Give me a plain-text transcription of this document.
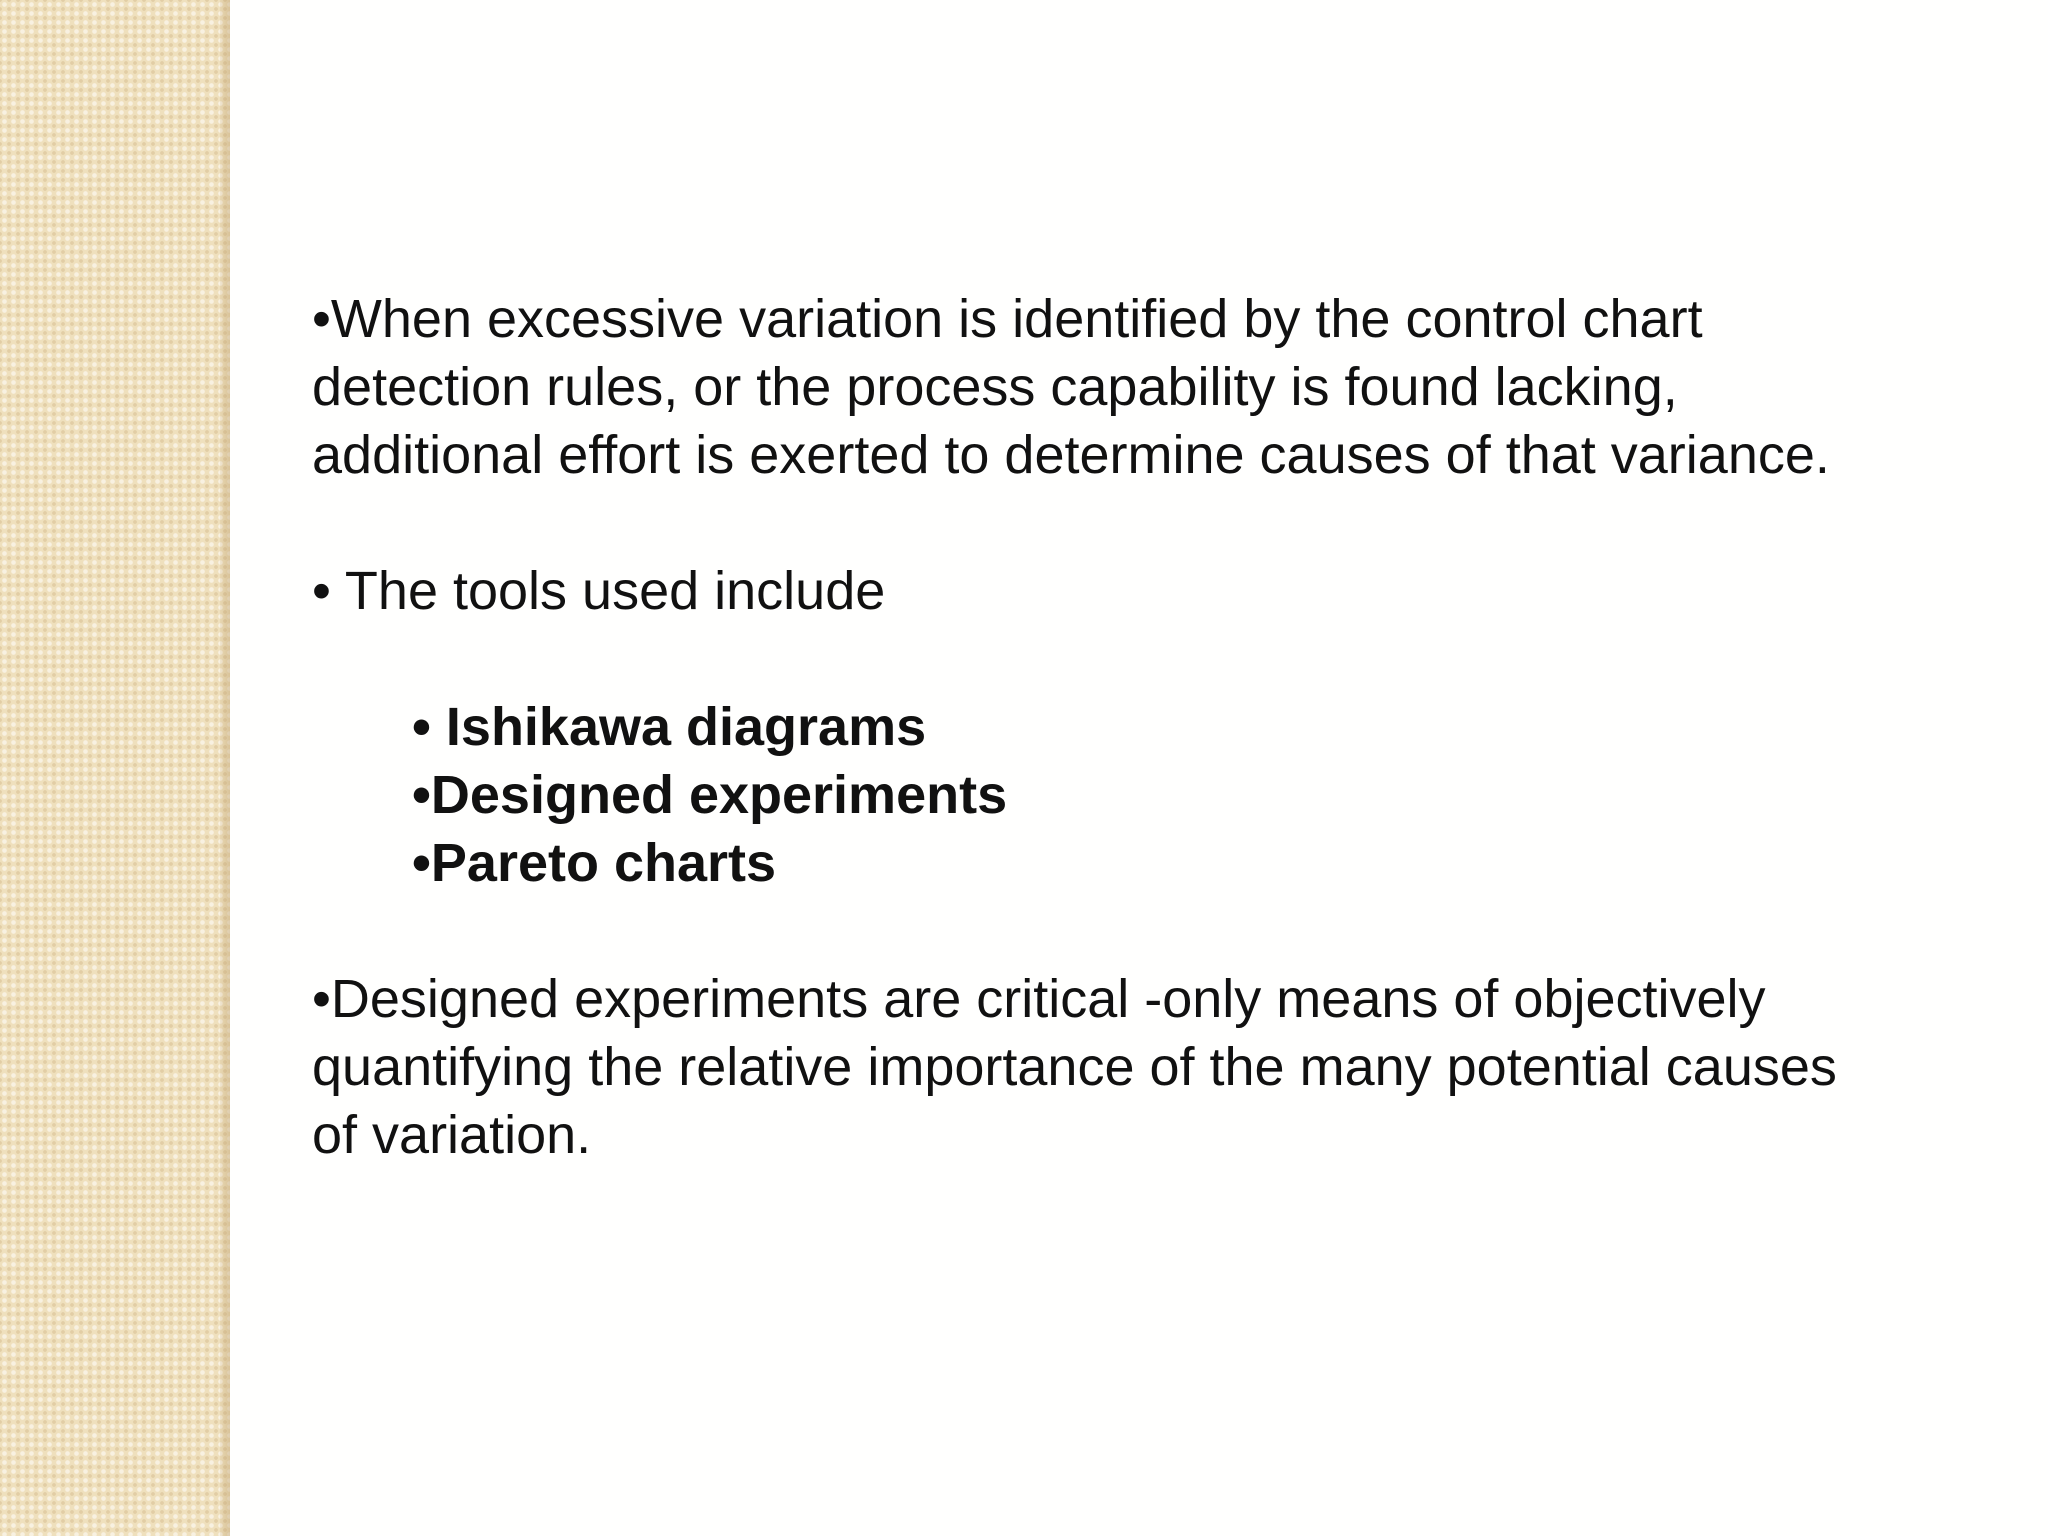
•When excessive variation is identified by the control chart
detection rules, or the process capability is found lacking,
additional effort is exerted to determine causes of that variance.

• The tools used include

• Ishikawa diagrams
•Designed experiments
•Pareto charts

•Designed experiments are critical -only means of objectively
quantifying the relative importance of the many potential causes
of variation.
